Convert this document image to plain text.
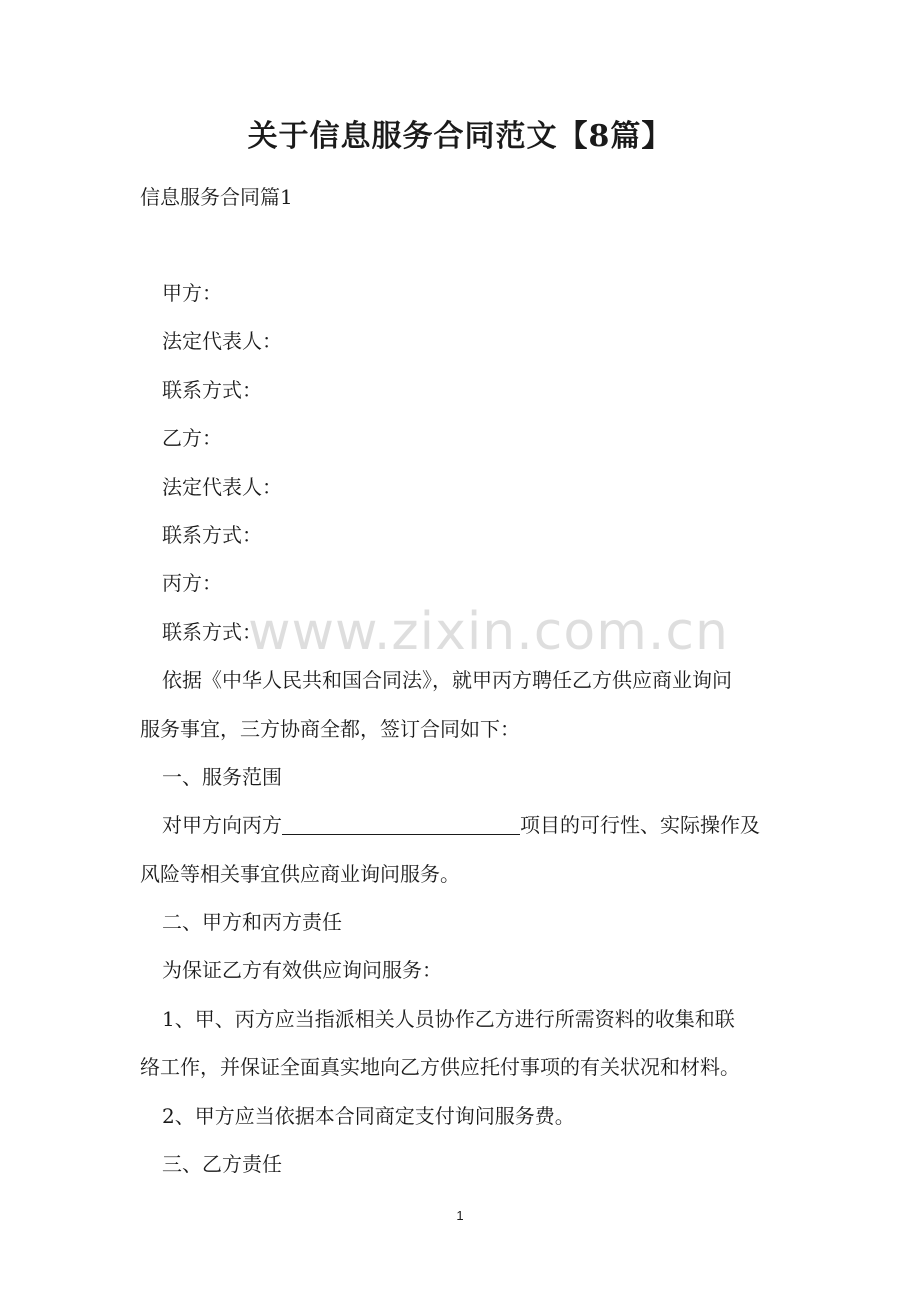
关于信息服务合同范文【8篇】
信息服务合同篇1
甲方：
法定代表人：
联系方式：
乙方：
法定代表人：
联系方式：
丙方：
联系方式：
依据《中华人民共和国合同法》，就甲丙方聘任乙方供应商业询问
服务事宜，三方协商全都，签订合同如下：
一、服务范围
对甲方向丙方	项目的可行性、实际操作及
风险等相关事宜供应商业询问服务。
二、甲方和丙方责任
为保证乙方有效供应询问服务：
1、甲、丙方应当指派相关人员协作乙方进行所需资料的收集和联
络工作，并保证全面真实地向乙方供应托付事项的有关状况和材料。
2、甲方应当依据本合同商定支付询问服务费。
三、乙方责任
www.zixin.com.cn
1
